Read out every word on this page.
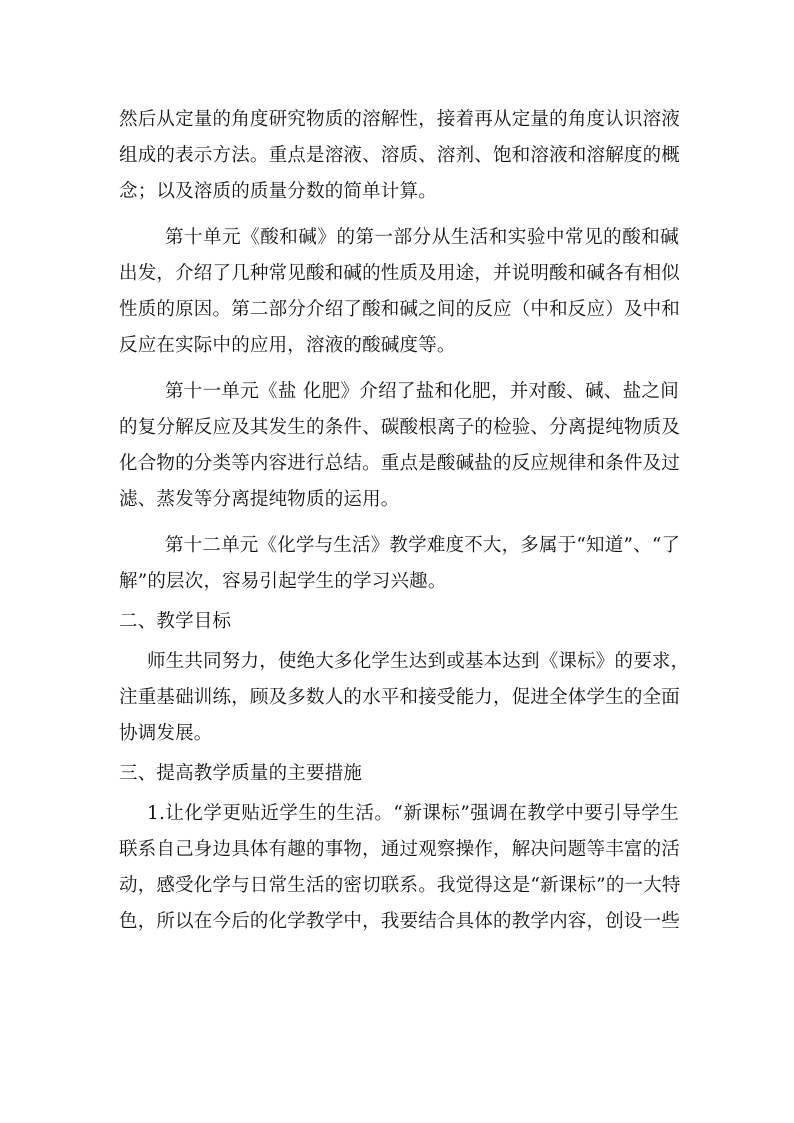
然后从定量的角度研究物质的溶解性，接着再从定量的角度认识溶液
组成的表示方法。重点是溶液、溶质、溶剂、饱和溶液和溶解度的概
念；以及溶质的质量分数的简单计算。
第十单元《酸和碱》的第一部分从生活和实验中常见的酸和碱
出发，介绍了几种常见酸和碱的性质及用途，并说明酸和碱各有相似
性质的原因。第二部分介绍了酸和碱之间的反应（中和反应）及中和
反应在实际中的应用，溶液的酸碱度等。
第十一单元《盐 化肥》介绍了盐和化肥，并对酸、碱、盐之间
的复分解反应及其发生的条件、碳酸根离子的检验、分离提纯物质及
化合物的分类等内容进行总结。重点是酸碱盐的反应规律和条件及过
滤、蒸发等分离提纯物质的运用。
第十二单元《化学与生活》教学难度不大，多属于“知道”、“了
解”的层次，容易引起学生的学习兴趣。
二、教学目标
师生共同努力，使绝大多化学生达到或基本达到《课标》的要求，
注重基础训练，顾及多数人的水平和接受能力，促进全体学生的全面
协调发展。
三、提高教学质量的主要措施
1.让化学更贴近学生的生活。“新课标”强调在教学中要引导学生
联系自己身边具体有趣的事物，通过观察操作，解决问题等丰富的活
动，感受化学与日常生活的密切联系。我觉得这是“新课标”的一大特
色，所以在今后的化学教学中，我要结合具体的教学内容，创设一些
